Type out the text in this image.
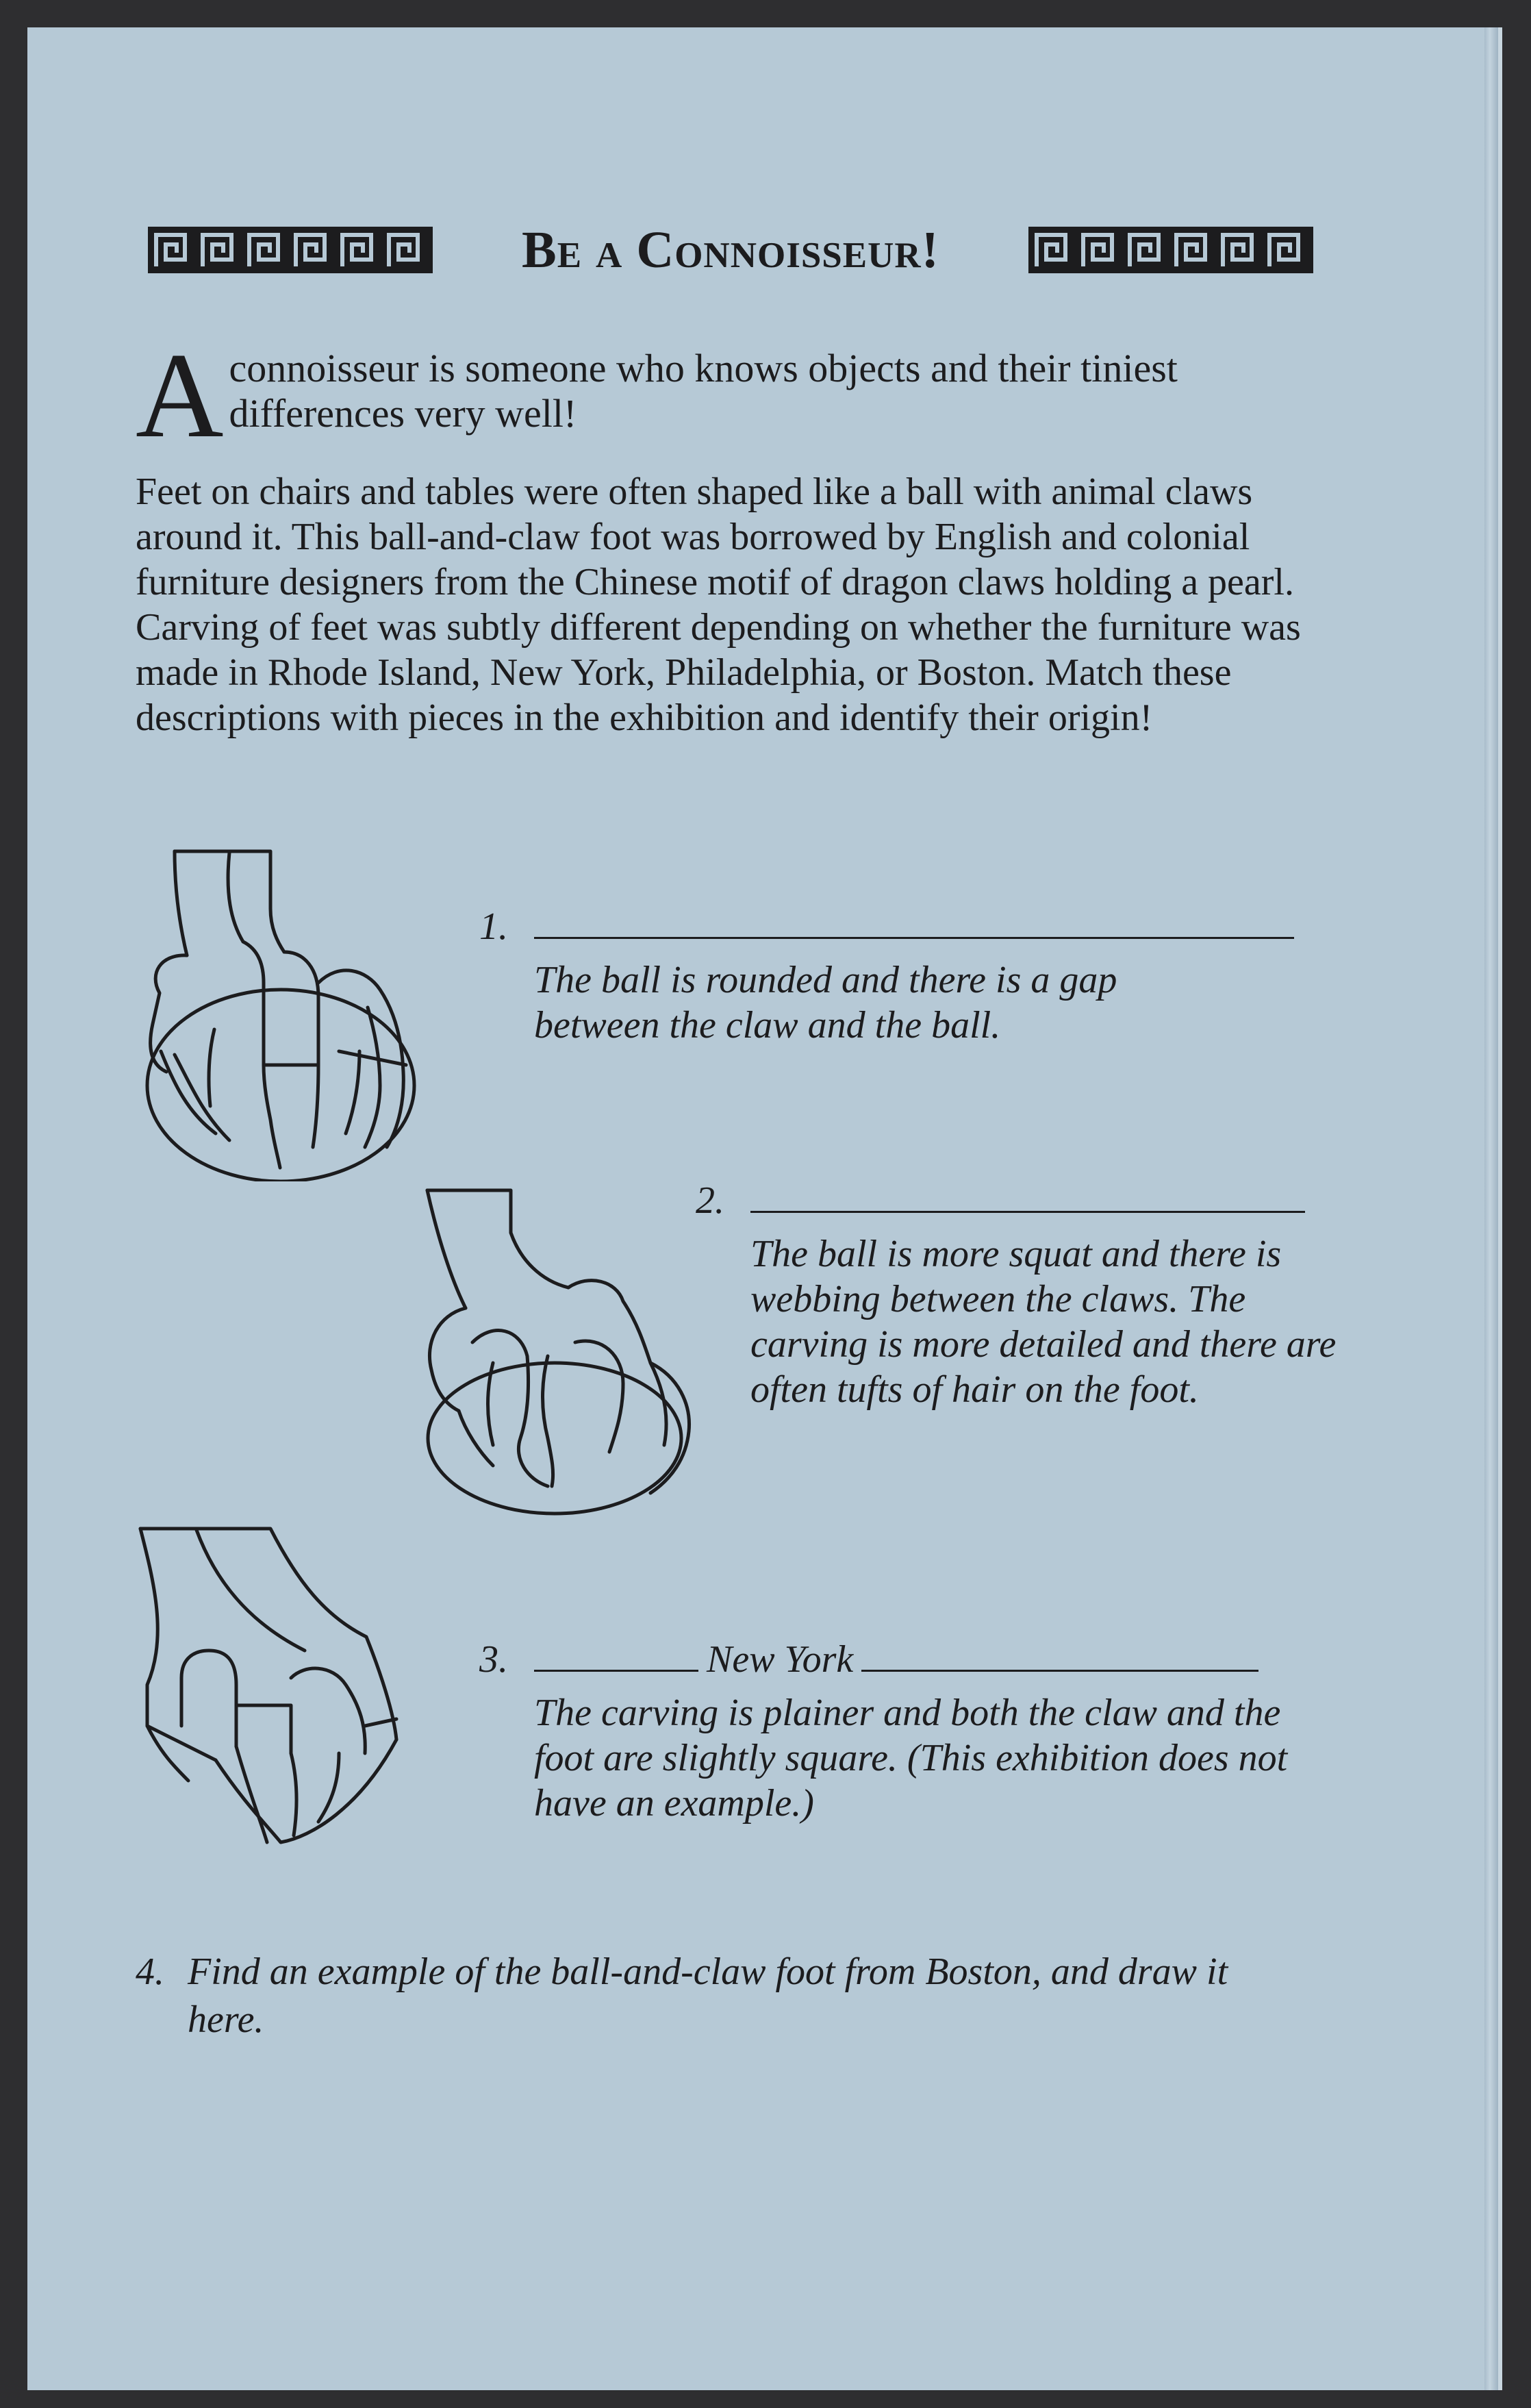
Be a Connoisseur!
A connoisseur is someone who knows objects and their tiniest differences very well!
Feet on chairs and tables were often shaped like a ball with animal claws around it. This ball-and-claw foot was borrowed by English and colonial furniture designers from the Chinese motif of dragon claws holding a pearl. Carving of feet was subtly different depending on whether the furniture was made in Rhode Island, New York, Philadelphia, or Boston. Match these descriptions with pieces in the exhibition and identify their origin!
1.
The ball is rounded and there is a gap between the claw and the ball.
2.
The ball is more squat and there is webbing between the claws. The carving is more detailed and there are often tufts of hair on the foot.
3.	New York
The carving is plainer and both the claw and the foot are slightly square. (This exhibition does not have an example.)
4. Find an example of the ball-and-claw foot from Boston, and draw it here.
